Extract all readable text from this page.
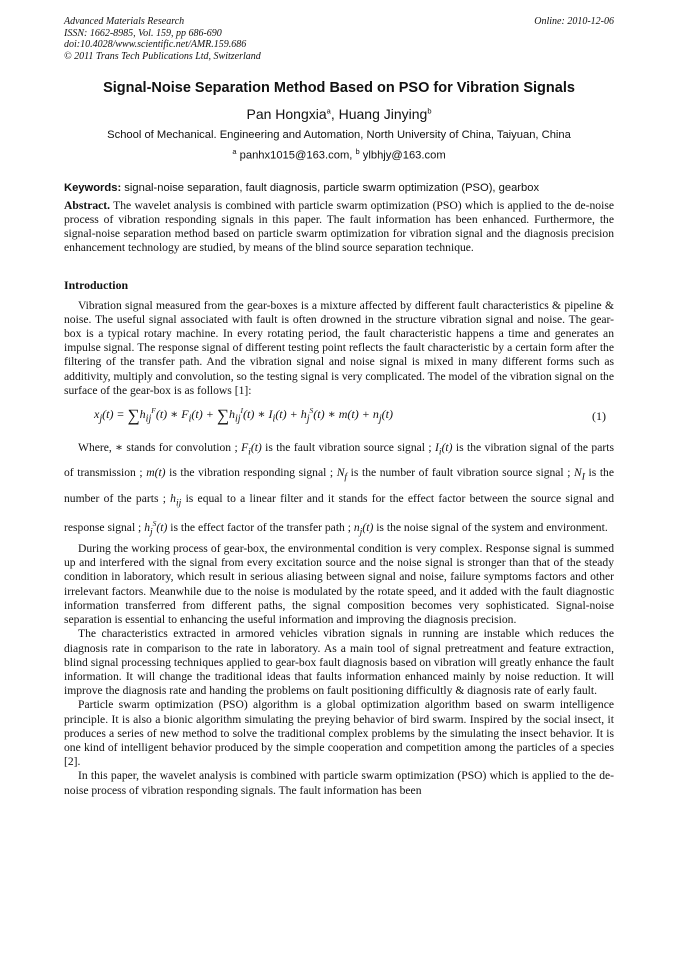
Advanced Materials Research
ISSN: 1662-8985, Vol. 159, pp 686-690
doi:10.4028/www.scientific.net/AMR.159.686
© 2011 Trans Tech Publications Ltd, Switzerland
Online: 2010-12-06
Signal-Noise Separation Method Based on PSO for Vibration Signals
Pan Hongxia$^a$, Huang Jinying$^b$
School of Mechanical. Engineering and Automation, North University of China, Taiyuan, China
$^a$ panhx1015@163.com, $^b$ ylbhjy@163.com
Keywords: signal-noise separation, fault diagnosis, particle swarm optimization (PSO), gearbox

Abstract. The wavelet analysis is combined with particle swarm optimization (PSO) which is applied to the de-noise process of vibration responding signals in this paper. The fault information has been enhanced. Furthermore, the signal-noise separation method based on particle swarm optimization for vibration signal and the diagnosis precision enhancement technology are studied, by means of the blind source separation technique.

Introduction

Vibration signal measured from the gear-boxes is a mixture affected by different fault characteristics & pipeline & noise. The useful signal associated with fault is often drowned in the structure vibration signal and noise. The gear-box is a typical rotary machine. In every rotating period, the fault characteristic happens a time and generates an impulse signal. The response signal of different testing point reflects the fault characteristic by a certain form after the filtering of the transfer path. And the vibration signal and noise signal is mixed in many different forms such as additivity, multiply and convolution, so the testing signal is very complicated. The model of the vibration signal on the surface of the gear-box is as follows [1]:

$x_j(t) = \sum h_{ij}^F(t)$ ∗ $F_i(t) + \sum h_{ij}^I(t)$ ∗ $I_i(t) + h_j^S(t)$ ∗ $m(t) + n_j(t)$	(1)

Where, ∗ stands for convolution ; $F_i(t)$ is the fault vibration source signal ; $I_i(t)$ is the vibration signal of the parts of transmission ; m(t) is the vibration responding signal ; $N_f$ is the number of fault vibration source signal ; $N_I$ is the number of the parts ; $h_{ij}$ is equal to a linear filter and it stands for the effect factor between the source signal and response signal ; $h_j^S(t)$ is the effect factor of the transfer path ; $n_j(t)$ is the noise signal of the system and environment.

During the working process of gear-box, the environmental condition is very complex. Response signal is summed up and interfered with the signal from every excitation source and the noise signal is stronger than that of the steady condition in laboratory, which result in serious aliasing between signal and noise, failure symptoms factors and other irrelevant factors. Meanwhile due to the noise is modulated by the rotate speed, and it added with the fault diagnostic information transferred from different paths, the signal composition becomes very sophisticated. Signal-noise separation is essential to enhancing the useful information and improving the diagnosis precision.

The characteristics extracted in armored vehicles vibration signals in running are instable which reduces the diagnosis rate in comparison to the rate in laboratory. As a main tool of signal pretreatment and feature extraction, blind signal processing techniques applied to gear-box fault diagnosis based on vibration will greatly enhance the fault information. It will change the traditional ideas that faults information enhanced mainly by noise reduction. It will improve the diagnosis rate and handing the problems on fault positioning difficultly & diagnosis rate of early fault.

Particle swarm optimization (PSO) algorithm is a global optimization algorithm based on swarm intelligence principle. It is also a bionic algorithm simulating the preying behavior of bird swarm. Inspired by the social insect, it produces a series of new method to solve the traditional complex problems by the simulating the insect behavior. It is one kind of intelligent behavior produced by the simple cooperation and competition among the particles of a species [2].

In this paper, the wavelet analysis is combined with particle swarm optimization (PSO) which is applied to the de-noise process of vibration responding signals. The fault information has been
